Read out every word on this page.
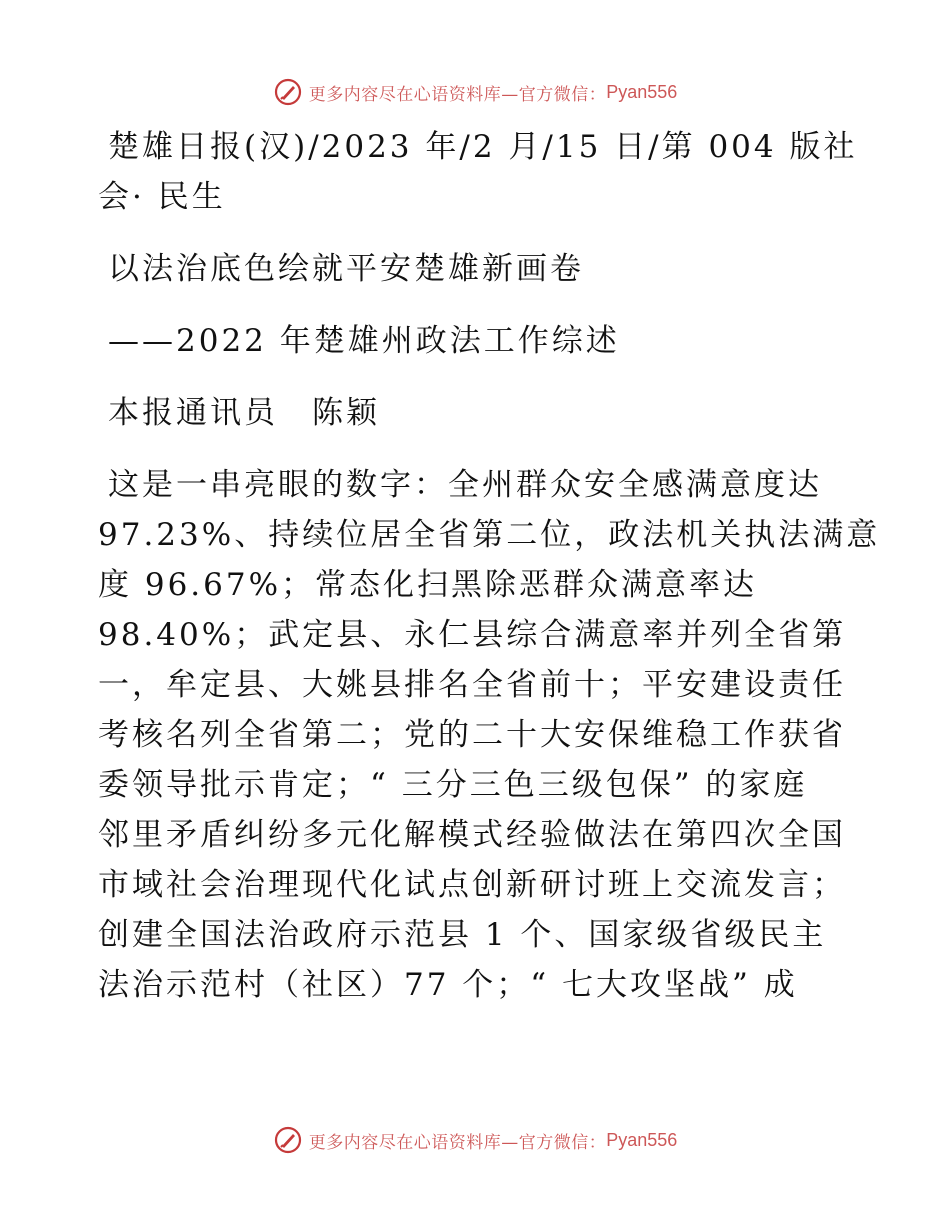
更多内容尽在心语资料库—官方微信： Pyan556
楚雄日报(汉)/2023 年/2 月/15 日/第 004 版社
会· 民生
以法治底色绘就平安楚雄新画卷
——2022 年楚雄州政法工作综述
本报通讯员　陈颖
这是一串亮眼的数字：全州群众安全感满意度达
97.23%、持续位居全省第二位，政法机关执法满意
度 96.67%；常态化扫黑除恶群众满意率达
98.40%；武定县、永仁县综合满意率并列全省第
一，牟定县、大姚县排名全省前十；平安建设责任
考核名列全省第二；党的二十大安保维稳工作获省
委领导批示肯定；“ 三分三色三级包保” 的家庭
邻里矛盾纠纷多元化解模式经验做法在第四次全国
市域社会治理现代化试点创新研讨班上交流发言；
创建全国法治政府示范县 1 个、国家级省级民主
法治示范村（社区）77 个；“ 七大攻坚战” 成
更多内容尽在心语资料库—官方微信： Pyan556
